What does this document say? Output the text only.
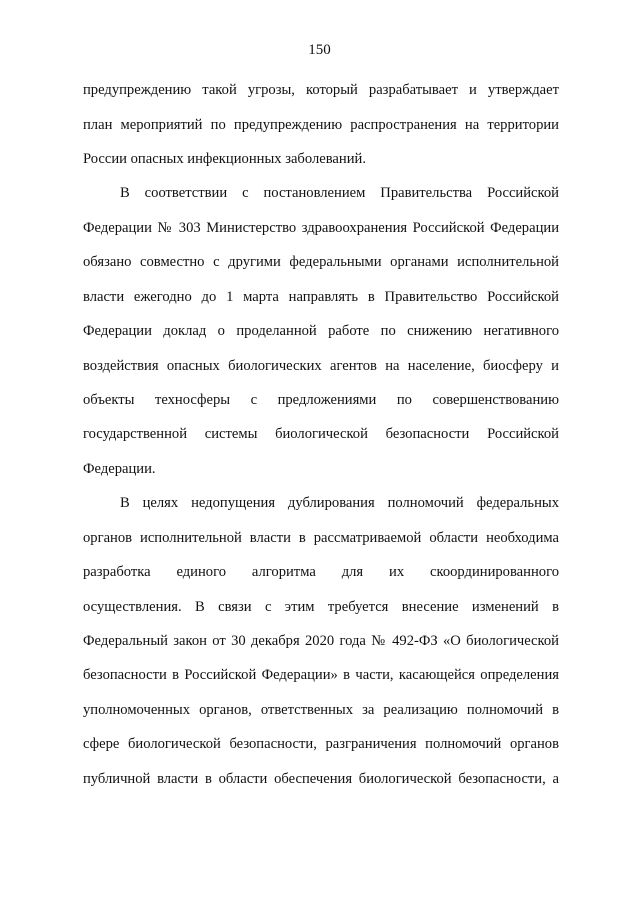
150
предупреждению такой угрозы, который разрабатывает и утверждает
план мероприятий по предупреждению распространения на территории
России опасных инфекционных заболеваний.
В соответствии с постановлением Правительства Российской
Федерации № 303 Министерство здравоохранения Российской Федерации
обязано совместно с другими федеральными органами исполнительной
власти ежегодно до 1 марта направлять в Правительство Российской
Федерации доклад о проделанной работе по снижению негативного
воздействия опасных биологических агентов на население, биосферу и
объекты техносферы с предложениями по совершенствованию
государственной системы биологической безопасности Российской
Федерации.
В целях недопущения дублирования полномочий федеральных
органов исполнительной власти в рассматриваемой области необходима
разработка единого алгоритма для их скоординированного
осуществления. В связи с этим требуется внесение изменений в
Федеральный закон от 30 декабря 2020 года № 492-ФЗ «О биологической
безопасности в Российской Федерации» в части, касающейся определения
уполномоченных органов, ответственных за реализацию полномочий в
сфере биологической безопасности, разграничения полномочий органов
публичной власти в области обеспечения биологической безопасности, а
